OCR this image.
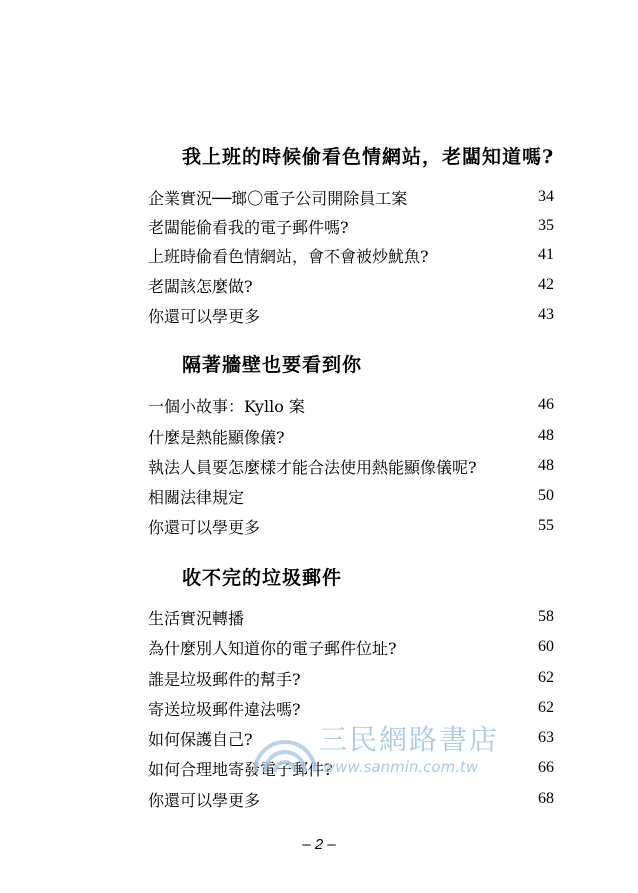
我上班的時候偷看色情網站，老闆知道嗎?
企業實況──瑯〇電子公司開除員工案	34
老闆能偷看我的電子郵件嗎?	35
上班時偷看色情網站，會不會被炒魷魚?	41
老闆該怎麼做?	42
你還可以學更多	43
隔著牆壁也要看到你
一個小故事：Kyllo 案	46
什麼是熱能顯像儀?	48
執法人員要怎麼樣才能合法使用熱能顯像儀呢?	48
相關法律規定	50
你還可以學更多	55
收不完的垃圾郵件
生活實況轉播	58
為什麼別人知道你的電子郵件位址?	60
誰是垃圾郵件的幫手?	62
寄送垃圾郵件違法嗎?	62
如何保護自己?	63
如何合理地寄發電子郵件?	66
你還可以學更多	68
三民網路書店
www.sanmin.com.tw
– 2 –
